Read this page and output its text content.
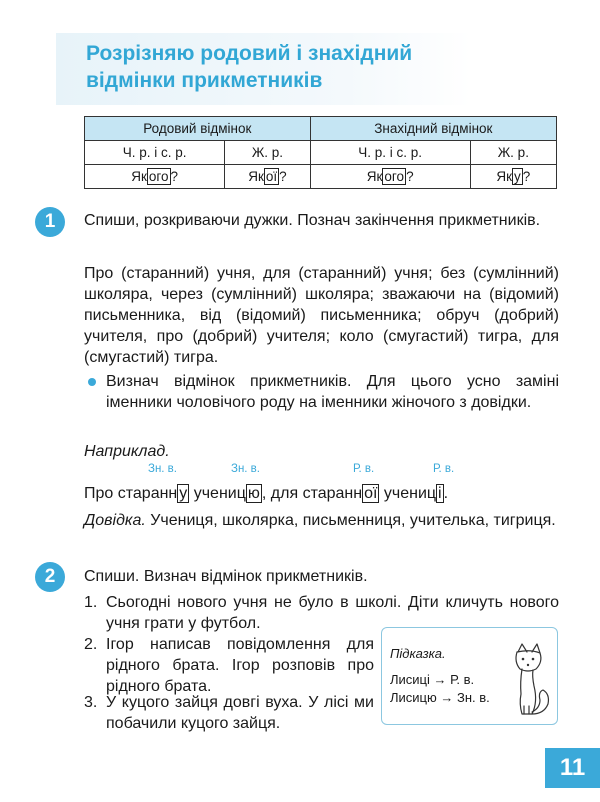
Розрізняю родовий і знахідний
відмінки прикметників
Родовий відмінок		Знахідний відмінок	
Ч. р. і с. р.	Ж. р.	Ч. р. і с. р.	Ж. р.
Як ого ?	Як ої ?	Як ого ?	Як у ?
1	Спиши, розкриваючи дужки. Познач закінчення прикметників.
Про (старанний) учня, для (старанний) учня; без (сумлінний) школяра, через (сумлінний) школяра; зважаючи на (відомий) письменника, від (відомий) письменника; обруч (добрий) учителя, про (добрий) учителя; коло (смугастий) тигра, для (смугастий) тигра.
Визнач відмінок прикметників. Для цього усно заміні іменники чоловічого роду на іменники жіночого з довідки.
Наприклад.
Зн. в.	Зн. в.	Р. в.	Р. в.
Про старанн у учениц ю , для старанн ої учениц і .
Довідка. Учениця, школярка, письменниця, учителька, тигриця.
2	Спиши. Визнач відмінок прикметників.
1. Сьогодні нового учня не було в школі. Діти кличуть нового учня грати у футбол.
2. Ігор написав повідомлення для рідного брата. Ігор розповів про рідного брата.
3. У куцого зайця довгі вуха. У лісі ми побачили куцого зайця.
Підказка.
Лисиці → Р. в.
Лисицю → Зн. в.
11
